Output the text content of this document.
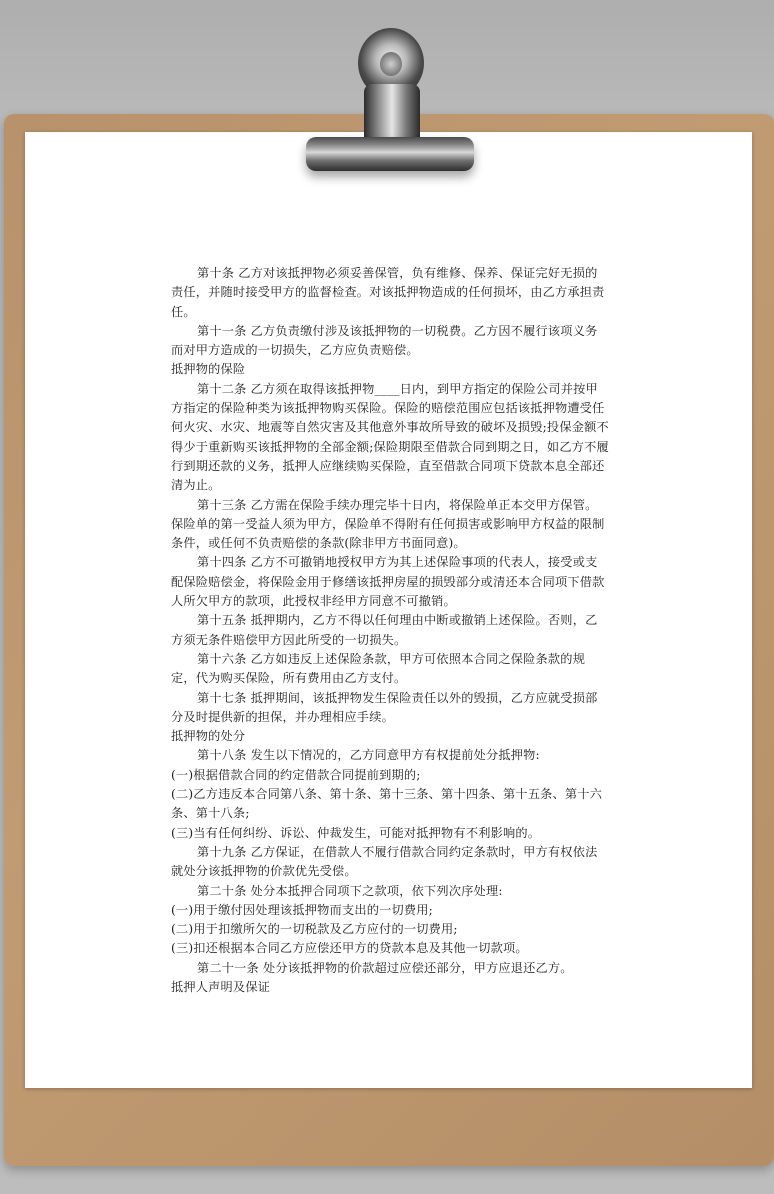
第十条 乙方对该抵押物必须妥善保管，负有维修、保养、保证完好无损的责任，并随时接受甲方的监督检查。对该抵押物造成的任何损坏，由乙方承担责任。

第十一条 乙方负责缴付涉及该抵押物的一切税费。乙方因不履行该项义务而对甲方造成的一切损失，乙方应负责赔偿。

抵押物的保险

第十二条 乙方须在取得该抵押物____日内，到甲方指定的保险公司并按甲方指定的保险种类为该抵押物购买保险。保险的赔偿范围应包括该抵押物遭受任何火灾、水灾、地震等自然灾害及其他意外事故所导致的破坏及损毁;投保金额不得少于重新购买该抵押物的全部金额;保险期限至借款合同到期之日，如乙方不履行到期还款的义务，抵押人应继续购买保险，直至借款合同项下贷款本息全部还清为止。

第十三条 乙方需在保险手续办理完毕十日内，将保险单正本交甲方保管。保险单的第一受益人须为甲方，保险单不得附有任何损害或影响甲方权益的限制条件，或任何不负责赔偿的条款(除非甲方书面同意)。

第十四条 乙方不可撤销地授权甲方为其上述保险事项的代表人，接受或支配保险赔偿金，将保险金用于修缮该抵押房屋的损毁部分或清还本合同项下借款人所欠甲方的款项，此授权非经甲方同意不可撤销。

第十五条 抵押期内，乙方不得以任何理由中断或撤销上述保险。否则，乙方须无条件赔偿甲方因此所受的一切损失。

第十六条 乙方如违反上述保险条款，甲方可依照本合同之保险条款的规定，代为购买保险，所有费用由乙方支付。

第十七条 抵押期间，该抵押物发生保险责任以外的毁损，乙方应就受损部分及时提供新的担保，并办理相应手续。

抵押物的处分

第十八条 发生以下情况的，乙方同意甲方有权提前处分抵押物:

(一)根据借款合同的约定借款合同提前到期的;

(二)乙方违反本合同第八条、第十条、第十三条、第十四条、第十五条、第十六条、第十八条;

(三)当有任何纠纷、诉讼、仲裁发生，可能对抵押物有不利影响的。

第十九条 乙方保证，在借款人不履行借款合同约定条款时，甲方有权依法就处分该抵押物的价款优先受偿。

第二十条 处分本抵押合同项下之款项，依下列次序处理:

(一)用于缴付因处理该抵押物而支出的一切费用;

(二)用于扣缴所欠的一切税款及乙方应付的一切费用;

(三)扣还根据本合同乙方应偿还甲方的贷款本息及其他一切款项。

第二十一条 处分该抵押物的价款超过应偿还部分，甲方应退还乙方。

抵押人声明及保证
